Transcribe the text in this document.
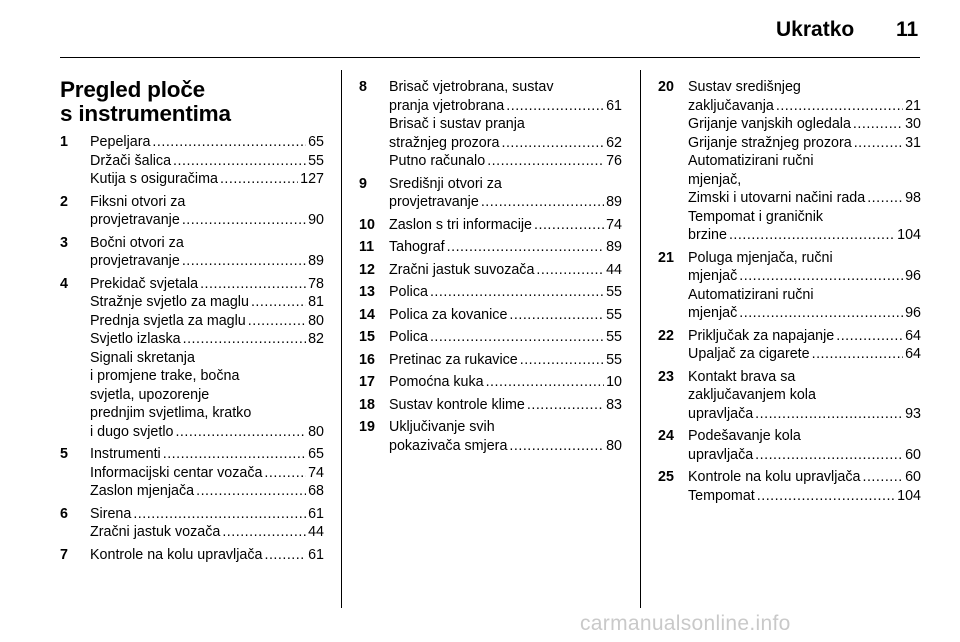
Ukratko 11
Pregled ploče
s instrumentima
1	Pepeljara .....	65
Držači šalica .....	55
Kutija s osiguračima .....	127
2	Fiksni otvori za
provjetravanje .....	90
3	Bočni otvori za
provjetravanje .....	89
4	Prekidač svjetala .....	78
Stražnje svjetlo za maglu .....	81
Prednja svjetla za maglu .....	80
Svjetlo izlaska .....	82
Signali skretanja
i promjene trake, bočna
svjetla, upozorenje
prednjim svjetlima, kratko
i dugo svjetlo .....	80
5	Instrumenti .....	65
Informacijski centar vozača .....	74
Zaslon mjenjača .....	68
6	Sirena .....	61
Zračni jastuk vozača .....	44
7	Kontrole na kolu upravljača .....	61
8	Brisač vjetrobrana, sustav
pranja vjetrobrana .....	61
Brisač i sustav pranja
stražnjeg prozora .....	62
Putno računalo .....	76
9	Središnji otvori za
provjetravanje .....	89
10 Zaslon s tri informacije .....	74
11	Tahograf .....	89
12 Zračni jastuk suvozača .....	44
13 Polica .....	55
14 Polica za kovanice .....	55
15 Polica .....	55
16 Pretinac za rukavice .....	55
17 Pomoćna kuka .....	10
18 Sustav kontrole klime .....	83
19 Uključivanje svih
pokazivača smjera .....	80
20 Sustav središnjeg
zaključavanja .....	21
Grijanje vanjskih ogledala .....	30
Grijanje stražnjeg prozora .....	31
Automatizirani ručni
mjenjač,
Zimski i utovarni načini rada .....	98
Tempomat i graničnik
brzine .....	104
21 Poluga mjenjača, ručni
mjenjač .....	96
Automatizirani ručni
mjenjač .....	96
22 Priključak za napajanje .....	64
Upaljač za cigarete .....	64
23 Kontakt brava sa
zaključavanjem kola
upravljača .....	93
24 Podešavanje kola
upravljača .....	60
25 Kontrole na kolu upravljača .....	60
Tempomat .....	104
carmanualsonline.info
